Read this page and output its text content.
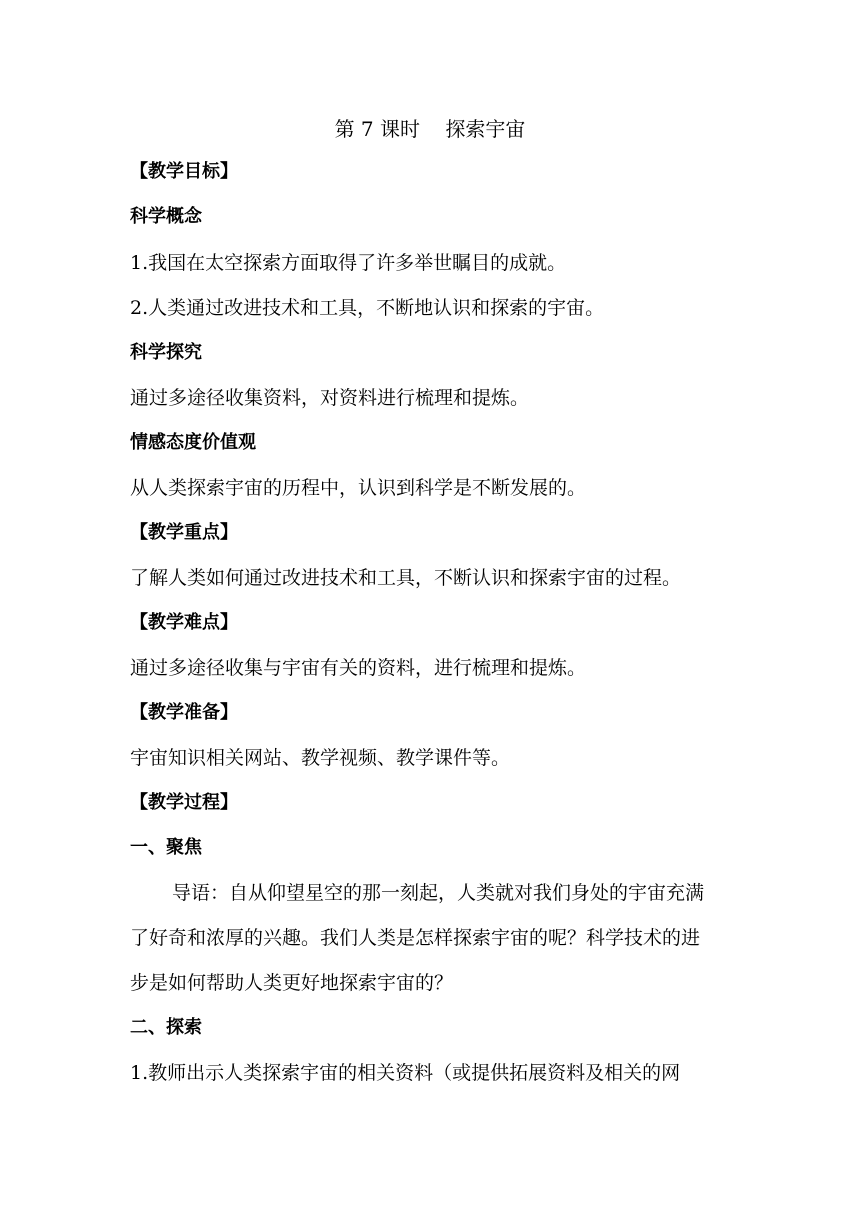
第 7 课时    探索宇宙
【教学目标】
科学概念
1.我国在太空探索方面取得了许多举世瞩目的成就。
2.人类通过改进技术和工具，不断地认识和探索的宇宙。
科学探究
通过多途径收集资料，对资料进行梳理和提炼。
情感态度价值观
从人类探索宇宙的历程中，认识到科学是不断发展的。
【教学重点】
了解人类如何通过改进技术和工具，不断认识和探索宇宙的过程。
【教学难点】
通过多途径收集与宇宙有关的资料，进行梳理和提炼。
【教学准备】
宇宙知识相关网站、教学视频、教学课件等。
【教学过程】
一、聚焦
导语：自从仰望星空的那一刻起，人类就对我们身处的宇宙充满
了好奇和浓厚的兴趣。我们人类是怎样探索宇宙的呢？科学技术的进
步是如何帮助人类更好地探索宇宙的？
二、探索
1.教师出示人类探索宇宙的相关资料（或提供拓展资料及相关的网
